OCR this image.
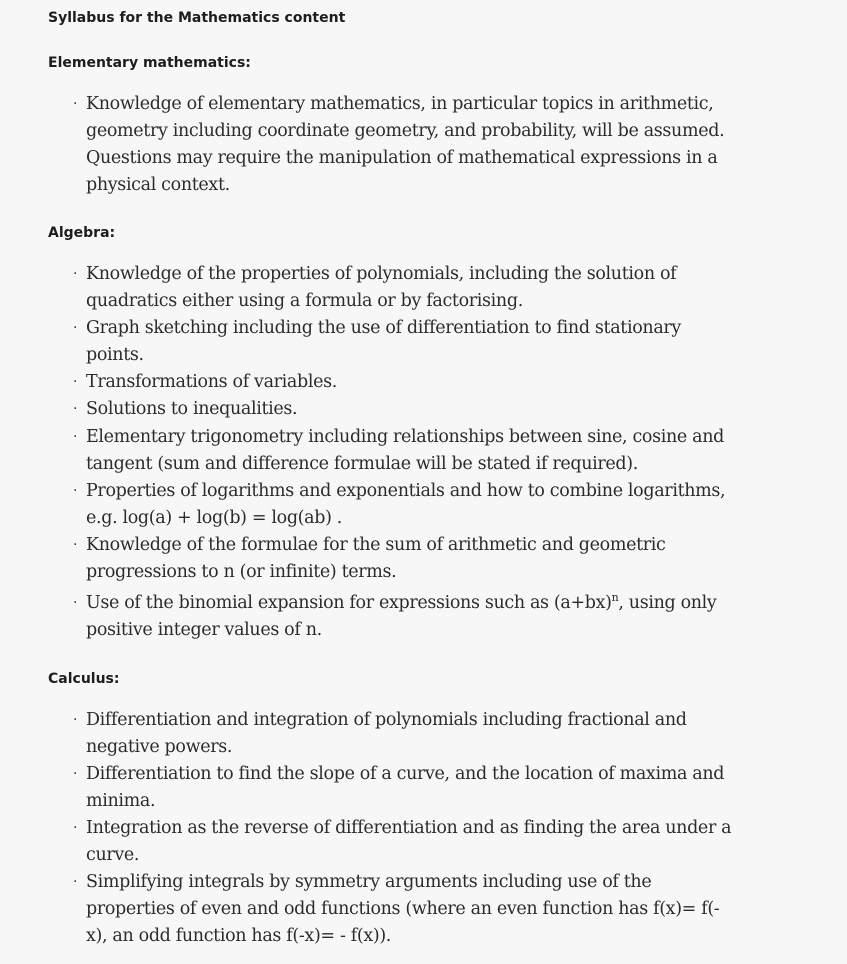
Syllabus for the Mathematics content
Elementary mathematics:
· Knowledge of elementary mathematics, in particular topics in arithmetic,
geometry including coordinate geometry, and probability, will be assumed.
Questions may require the manipulation of mathematical expressions in a
physical context.
Algebra:
· Knowledge of the properties of polynomials, including the solution of
quadratics either using a formula or by factorising.
· Graph sketching including the use of differentiation to find stationary
points.
· Transformations of variables.
· Solutions to inequalities.
· Elementary trigonometry including relationships between sine, cosine and
tangent (sum and difference formulae will be stated if required).
· Properties of logarithms and exponentials and how to combine logarithms,
e.g. log(a) + log(b) = log(ab) .
· Knowledge of the formulae for the sum of arithmetic and geometric
progressions to n (or infinite) terms.
· Use of the binomial expansion for expressions such as $(a+bx)^n$, using only
positive integer values of n.
Calculus:
· Differentiation and integration of polynomials including fractional and
negative powers.
· Differentiation to find the slope of a curve, and the location of maxima and
minima.
· Integration as the reverse of differentiation and as finding the area under a
curve.
· Simplifying integrals by symmetry arguments including use of the
properties of even and odd functions (where an even function has f(x)= f(-
x), an odd function has f(-x)= - f(x)).
